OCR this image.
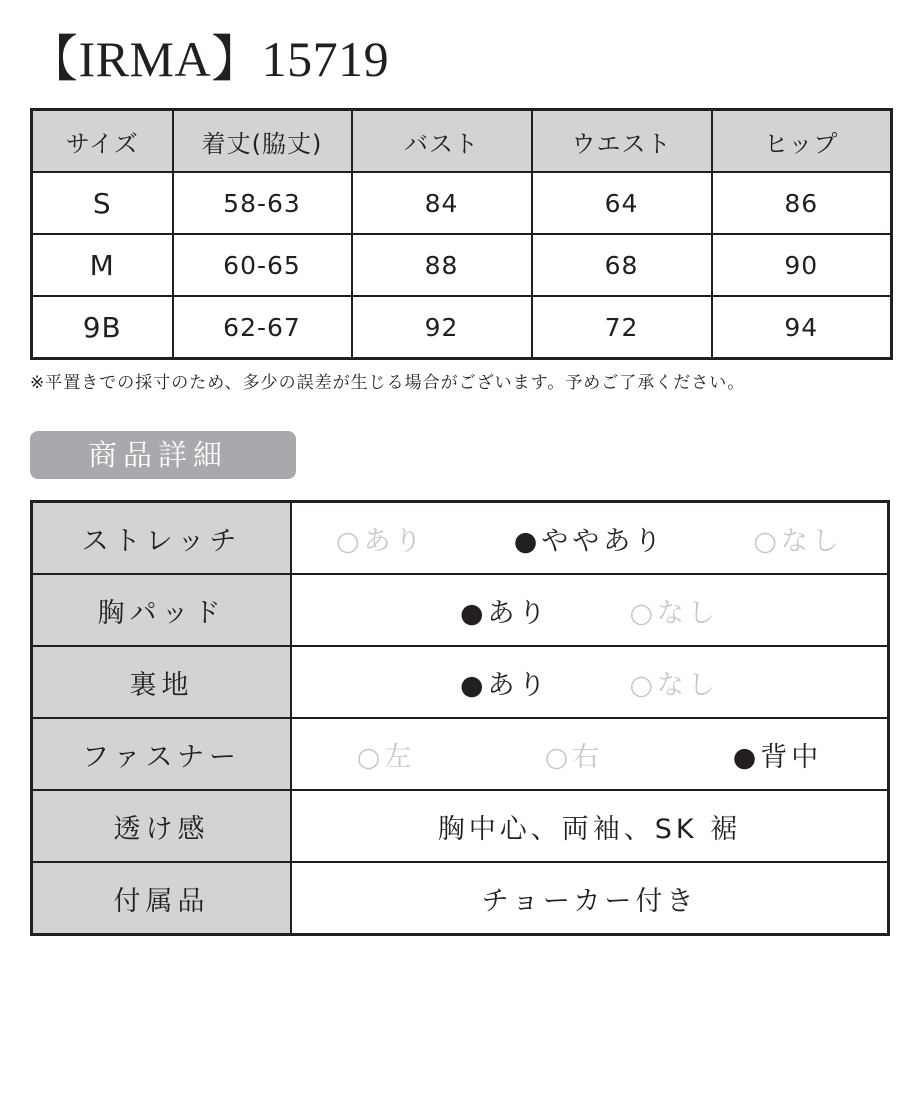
【IRMA】15719
サイズ	着丈(脇丈)	バスト	ウエスト	ヒップ
S	58-63	84	64	86
M	60-65	88	68	90
9B	62-67	92	72	94

※平置きでの採寸のため、多少の誤差が生じる場合がございます。予めご了承ください。

商品詳細
ストレッチ	○あり ●ややあり ○なし

胸パッド	●あり ○なし

裏地	●あり ○なし

ファスナー	○左 ○右 ●背中

透け感	胸中心、両袖、SK 裾
付属品	チョーカー付き
